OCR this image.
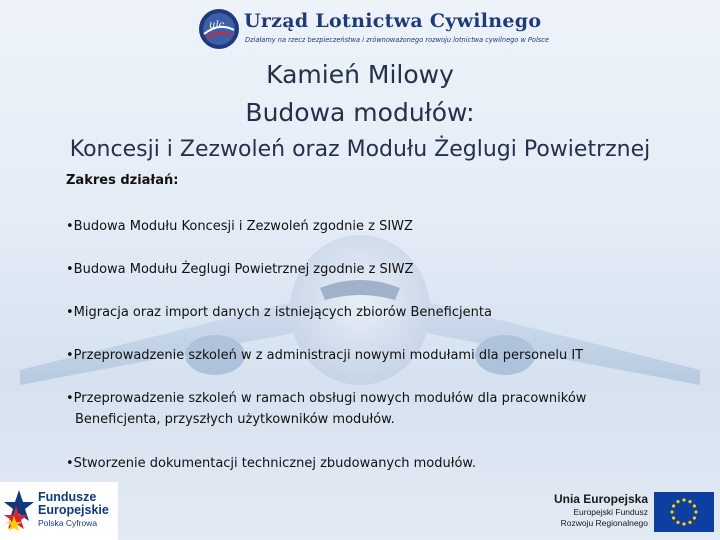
ulc Urząd Lotnictwa Cywilnego
Działamy na rzecz bezpieczeństwa i zrównoważonego rozwoju lotnictwa cywilnego w Polsce
Kamień Milowy
Budowa modułów:
Koncesji i Zezwoleń oraz Modułu Żeglugi Powietrznej
Zakres działań:
•Budowa Modułu Koncesji i Zezwoleń zgodnie z SIWZ
•Budowa Modułu Żeglugi Powietrznej zgodnie z SIWZ
•Migracja oraz import danych z istniejących zbiorów Beneficjenta
•Przeprowadzenie szkoleń w z administracji nowymi modułami dla personelu IT
•Przeprowadzenie szkoleń w ramach obsługi nowych modułów dla pracowników
Beneficjenta, przyszłych użytkowników modułów.
•Stworzenie dokumentacji technicznej zbudowanych modułów.
Fundusze
Europejskie
Polska Cyfrowa
Unia Europejska
Europejski Fundusz
Rozwoju Regionalnego
